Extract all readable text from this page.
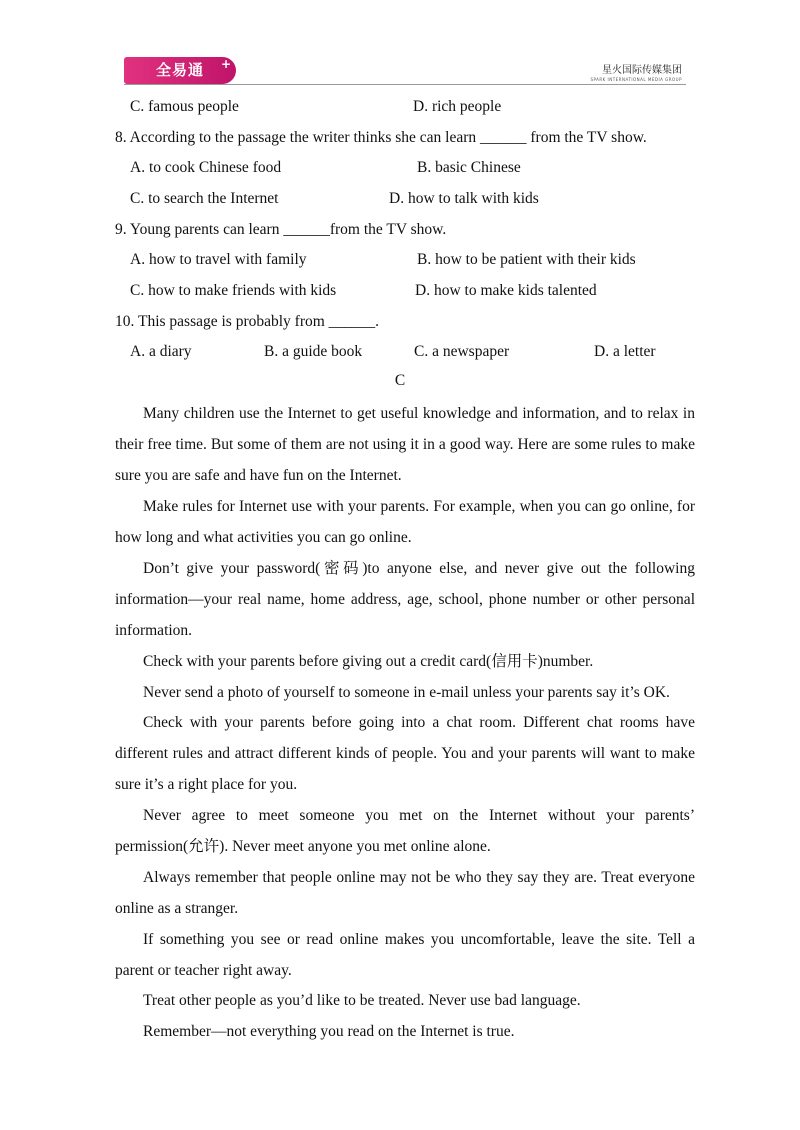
全易通 +	星火国际传媒集团
SPARK INTERNATIONAL MEDIA GROUP
C. famous people	D. rich people
8. According to the passage the writer thinks she can learn ______ from the TV show.
A. to cook Chinese food	B. basic Chinese
C. to search the Internet	D. how to talk with kids
9. Young parents can learn ______from the TV show.
A. how to travel with family	B. how to be patient with their kids
C. how to make friends with kids	D. how to make kids talented
10. This passage is probably from ______.
A. a diary	B. a guide book	C. a newspaper	D. a letter
C
Many children use the Internet to get useful knowledge and information, and to relax in their free time. But some of them are not using it in a good way. Here are some rules to make sure you are safe and have fun on the Internet.
Make rules for Internet use with your parents. For example, when you can go online, for how long and what activities you can go online.
Don’t give your password(密码)to anyone else, and never give out the following information—your real name, home address, age, school, phone number or other personal information.
Check with your parents before giving out a credit card(信用卡)number.
Never send a photo of yourself to someone in e-mail unless your parents say it’s OK.
Check with your parents before going into a chat room. Different chat rooms have different rules and attract different kinds of people. You and your parents will want to make sure it’s a right place for you.
Never agree to meet someone you met on the Internet without your parents’ permission(允许). Never meet anyone you met online alone.
Always remember that people online may not be who they say they are. Treat everyone online as a stranger.
If something you see or read online makes you uncomfortable, leave the site. Tell a parent or teacher right away.
Treat other people as you’d like to be treated. Never use bad language.
Remember—not everything you read on the Internet is true.
